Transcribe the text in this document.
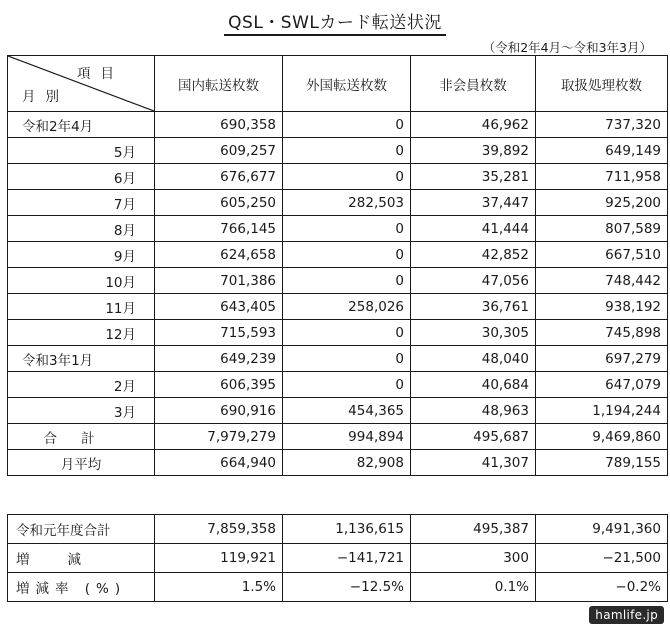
QSL・SWLカード転送状況
（令和2年4月～令和3年3月）
項目
月別	国内転送枚数	外国転送枚数	非会員枚数	取扱処理枚数
令和2年4月	690,358	0	46,962	737,320
5月	609,257	0	39,892	649,149
6月	676,677	0	35,281	711,958
7月	605,250	282,503	37,447	925,200
8月	766,145	0	41,444	807,589
9月	624,658	0	42,852	667,510
10月	701,386	0	47,056	748,442
11月	643,405	258,026	36,761	938,192
12月	715,593	0	30,305	745,898
令和3年1月	649,239	0	48,040	697,279
2月	606,395	0	40,684	647,079
3月	690,916	454,365	48,963	1,194,244
合計	7,979,279	994,894	495,687	9,469,860
月平均	664,940	82,908	41,307	789,155
令和元年度合計	7,859,358	1,136,615	495,387	9,491,360
増減	119,921	−141,721	300	−21,500
増減率 (%)	1.5%	−12.5%	0.1%	−0.2%
hamlife.jp
